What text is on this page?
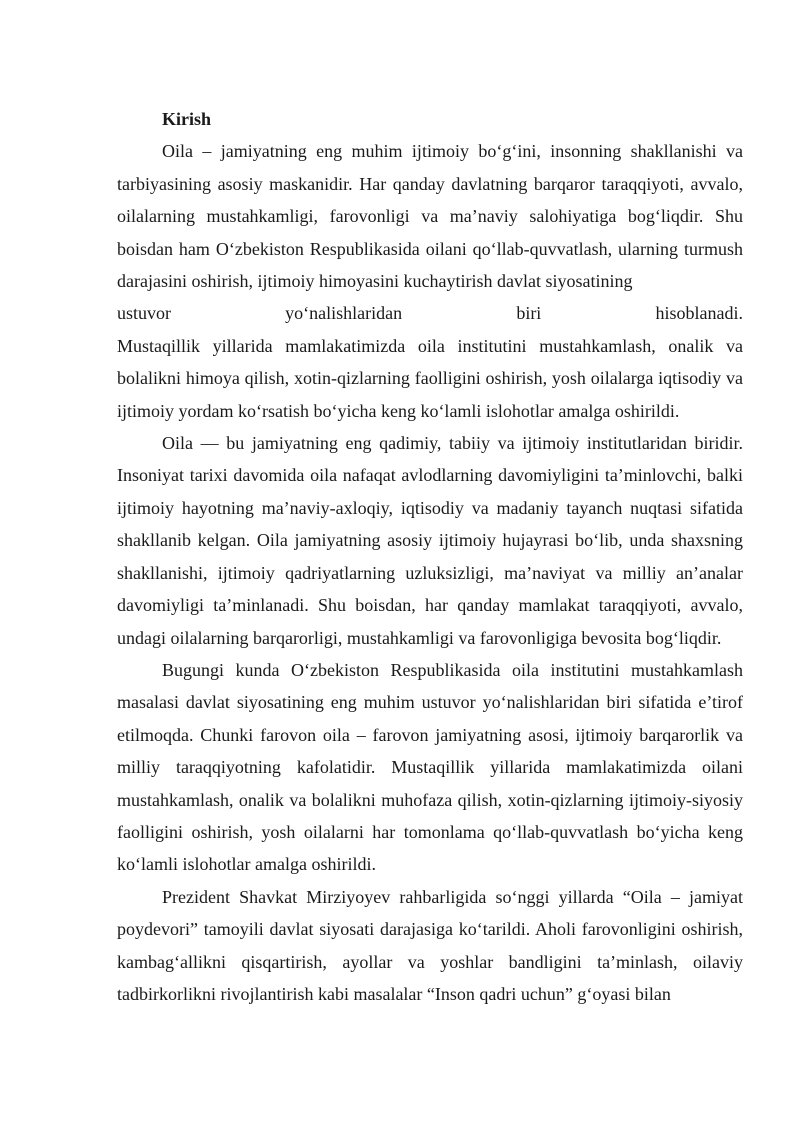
Kirish

Oila – jamiyatning eng muhim ijtimoiy bo‘g‘ini, insonning shakllanishi va tarbiyasining asosiy maskanidir. Har qanday davlatning barqaror taraqqiyoti, avvalo, oilalarning mustahkamligi, farovonligi va ma’naviy salohiyatiga bog‘liqdir. Shu boisdan ham O‘zbekiston Respublikasida oilani qo‘llab-quvvatlash, ularning turmush darajasini oshirish, ijtimoiy himoyasini kuchaytirish davlat siyosatining

ustuvor	yo‘nalishlaridan	biri	hisoblanadi.

Mustaqillik yillarida mamlakatimizda oila institutini mustahkamlash, onalik va bolalikni himoya qilish, xotin-qizlarning faolligini oshirish, yosh oilalarga iqtisodiy va ijtimoiy yordam ko‘rsatish bo‘yicha keng ko‘lamli islohotlar amalga oshirildi.

Oila — bu jamiyatning eng qadimiy, tabiiy va ijtimoiy institutlaridan biridir. Insoniyat tarixi davomida oila nafaqat avlodlarning davomiyligini ta’minlovchi, balki ijtimoiy hayotning ma’naviy-axloqiy, iqtisodiy va madaniy tayanch nuqtasi sifatida shakllanib kelgan. Oila jamiyatning asosiy ijtimoiy hujayrasi bo‘lib, unda shaxsning shakllanishi, ijtimoiy qadriyatlarning uzluksizligi, ma’naviyat va milliy an’analar davomiyligi ta’minlanadi. Shu boisdan, har qanday mamlakat taraqqiyoti, avvalo, undagi oilalarning barqarorligi, mustahkamligi va farovonligiga bevosita bog‘liqdir.

Bugungi kunda O‘zbekiston Respublikasida oila institutini mustahkamlash masalasi davlat siyosatining eng muhim ustuvor yo‘nalishlaridan biri sifatida e’tirof etilmoqda. Chunki farovon oila – farovon jamiyatning asosi, ijtimoiy barqarorlik va milliy taraqqiyotning kafolatidir. Mustaqillik yillarida mamlakatimizda oilani mustahkamlash, onalik va bolalikni muhofaza qilish, xotin-qizlarning ijtimoiy-siyosiy faolligini oshirish, yosh oilalarni har tomonlama qo‘llab-quvvatlash bo‘yicha keng ko‘lamli islohotlar amalga oshirildi.

Prezident Shavkat Mirziyoyev rahbarligida so‘nggi yillarda “Oila – jamiyat poydevori” tamoyili davlat siyosati darajasiga ko‘tarildi. Aholi farovonligini oshirish, kambag‘allikni qisqartirish, ayollar va yoshlar bandligini ta’minlash, oilaviy tadbirkorlikni rivojlantirish kabi masalalar “Inson qadri uchun” g‘oyasi bilan
